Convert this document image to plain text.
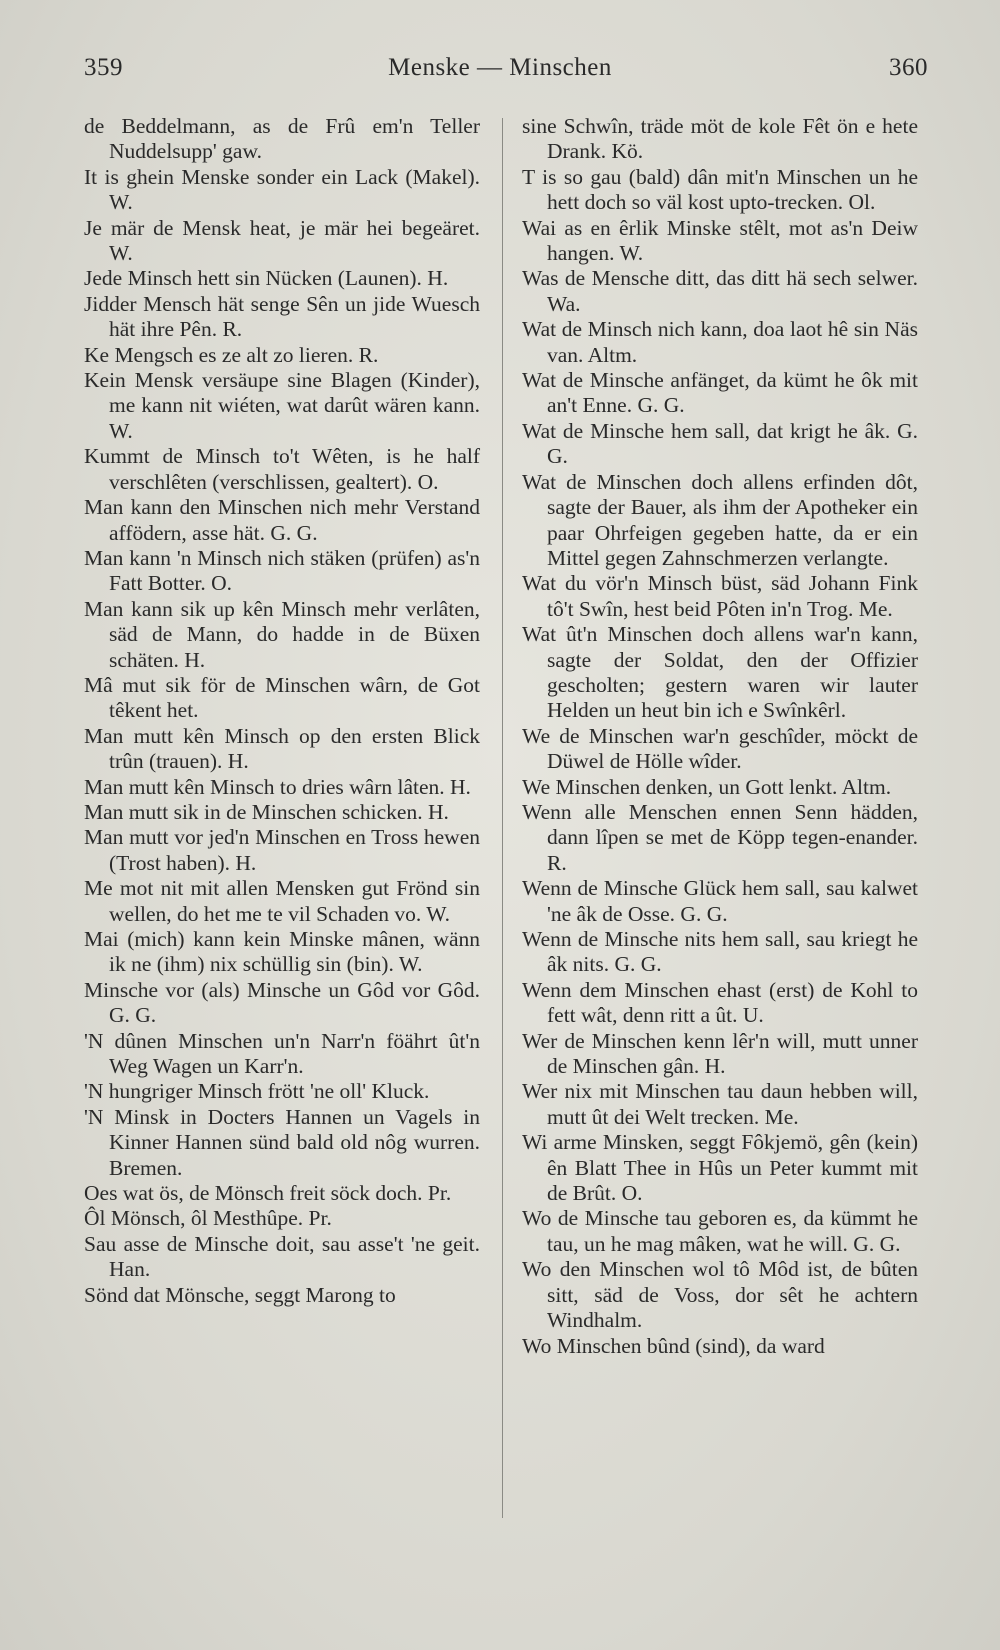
359	Menske — Minschen	360
de Beddelmann, as de Frû em'n Teller Nuddelsupp' gaw.
It is ghein Menske sonder ein Lack (Makel). W.
Je mär de Mensk heat, je mär hei begeäret. W.
Jede Minsch hett sin Nücken (Launen). H.
Jidder Mensch hät senge Sên un jide Wuesch hät ihre Pên. R.
Ke Mengsch es ze alt zo lieren. R.
Kein Mensk versäupe sine Blagen (Kinder), me kann nit wiéten, wat darût wären kann. W.
Kummt de Minsch to't Wêten, is he half verschlêten (verschlissen, gealtert). O.
Man kann den Minschen nich mehr Verstand affödern, asse hät. G. G.
Man kann 'n Minsch nich stäken (prüfen) as'n Fatt Botter. O.
Man kann sik up kên Minsch mehr verlâten, säd de Mann, do hadde in de Büxen schäten. H.
Mâ mut sik för de Minschen wârn, de Got têkent het.
Man mutt kên Minsch op den ersten Blick trûn (trauen). H.
Man mutt kên Minsch to dries wârn lâten. H.
Man mutt sik in de Minschen schicken. H.
Man mutt vor jed'n Minschen en Tross hewen (Trost haben). H.
Me mot nit mit allen Mensken gut Frönd sin wellen, do het me te vil Schaden vo. W.
Mai (mich) kann kein Minske mânen, wänn ik ne (ihm) nix schüllig sin (bin). W.
Minsche vor (als) Minsche un Gôd vor Gôd. G. G.
'N dûnen Minschen un'n Narr'n föährt ût'n Weg Wagen un Karr'n.
'N hungriger Minsch frött 'ne oll' Kluck.
'N Minsk in Docters Hannen un Vagels in Kinner Hannen sünd bald old nôg wurren. Bremen.
Oes wat ös, de Mönsch freit söck doch. Pr.
Ôl Mönsch, ôl Mesthûpe. Pr.
Sau asse de Minsche doit, sau asse't 'ne geit. Han.
Sönd dat Mönsche, seggt Marong to
sine Schwîn, träde möt de kole Fêt ön e hete Drank. Kö.
T is so gau (bald) dân mit'n Minschen un he hett doch so väl kost upto-trecken. Ol.
Wai as en êrlik Minske stêlt, mot as'n Deiw hangen. W.
Was de Mensche ditt, das ditt hä sech selwer. Wa.
Wat de Minsch nich kann, doa laot hê sin Näs van. Altm.
Wat de Minsche anfänget, da kümt he ôk mit an't Enne. G. G.
Wat de Minsche hem sall, dat krigt he âk. G. G.
Wat de Minschen doch allens erfinden dôt, sagte der Bauer, als ihm der Apotheker ein paar Ohrfeigen gegeben hatte, da er ein Mittel gegen Zahnschmerzen verlangte.
Wat du vör'n Minsch büst, säd Johann Fink tô't Swîn, hest beid Pôten in'n Trog. Me.
Wat ût'n Minschen doch allens war'n kann, sagte der Soldat, den der Offizier gescholten; gestern waren wir lauter Helden un heut bin ich e Swînkêrl.
We de Minschen war'n geschîder, möckt de Düwel de Hölle wîder.
We Minschen denken, un Gott lenkt. Altm.
Wenn alle Menschen ennen Senn hädden, dann lîpen se met de Köpp tegen-enander. R.
Wenn de Minsche Glück hem sall, sau kalwet 'ne âk de Osse. G. G.
Wenn de Minsche nits hem sall, sau kriegt he âk nits. G. G.
Wenn dem Minschen ehast (erst) de Kohl to fett wât, denn ritt a ût. U.
Wer de Minschen kenn lêr'n will, mutt unner de Minschen gân. H.
Wer nix mit Minschen tau daun hebben will, mutt ût dei Welt trecken. Me.
Wi arme Minsken, seggt Fôkjemö, gên (kein) ên Blatt Thee in Hûs un Peter kummt mit de Brût. O.
Wo de Minsche tau geboren es, da kümmt he tau, un he mag mâken, wat he will. G. G.
Wo den Minschen wol tô Môd ist, de bûten sitt, säd de Voss, dor sêt he achtern Windhalm.
Wo Minschen bûnd (sind), da ward
